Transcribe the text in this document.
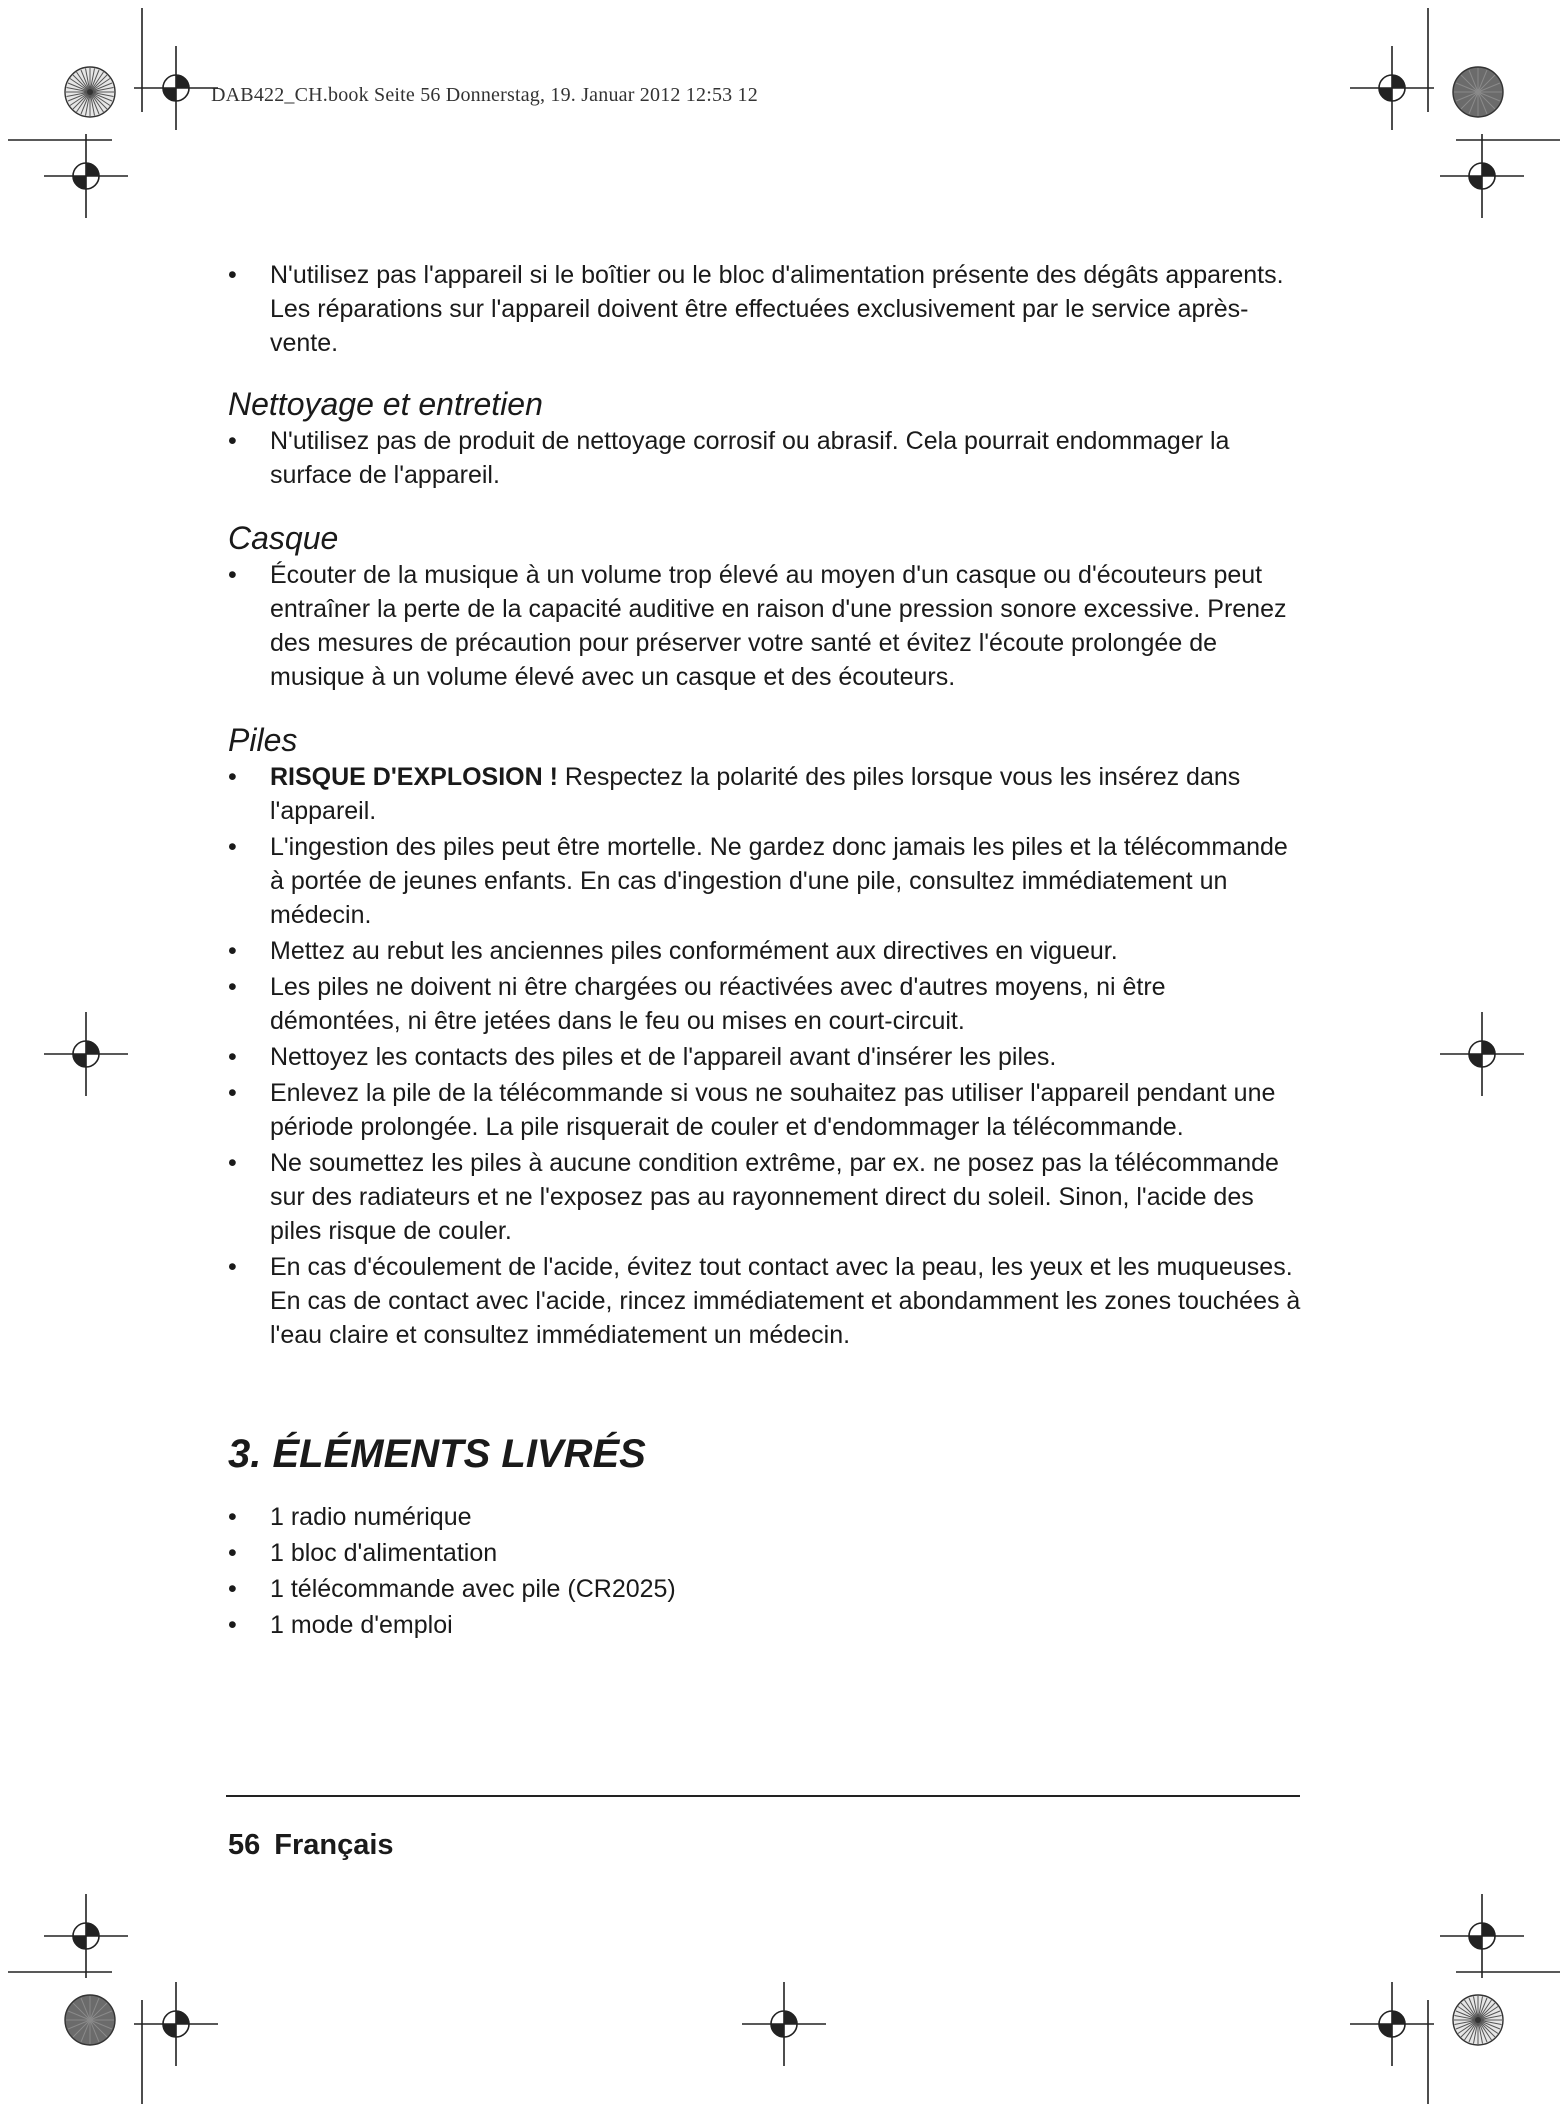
DAB422_CH.book Seite 56 Donnerstag, 19. Januar 2012 12:53 12
• N'utilisez pas l'appareil si le boîtier ou le bloc d'alimentation présente des dégâts apparents. Les réparations sur l'appareil doivent être effectuées exclusivement par le service après-vente.
Nettoyage et entretien
• N'utilisez pas de produit de nettoyage corrosif ou abrasif. Cela pourrait endommager la surface de l'appareil.
Casque
• Écouter de la musique à un volume trop élevé au moyen d'un casque ou d'écouteurs peut entraîner la perte de la capacité auditive en raison d'une pression sonore excessive. Prenez des mesures de précaution pour préserver votre santé et évitez l'écoute prolongée de musique à un volume élevé avec un casque et des écouteurs.
Piles
• RISQUE D'EXPLOSION ! Respectez la polarité des piles lorsque vous les insérez dans l'appareil.
• L'ingestion des piles peut être mortelle. Ne gardez donc jamais les piles et la télécommande à portée de jeunes enfants. En cas d'ingestion d'une pile, consultez immédiatement un médecin.
• Mettez au rebut les anciennes piles conformément aux directives en vigueur.
• Les piles ne doivent ni être chargées ou réactivées avec d'autres moyens, ni être démontées, ni être jetées dans le feu ou mises en court-circuit.
• Nettoyez les contacts des piles et de l'appareil avant d'insérer les piles.
• Enlevez la pile de la télécommande si vous ne souhaitez pas utiliser l'appareil pendant une période prolongée. La pile risquerait de couler et d'endommager la télécommande.
• Ne soumettez les piles à aucune condition extrême, par ex. ne posez pas la télécommande sur des radiateurs et ne l'exposez pas au rayonnement direct du soleil. Sinon, l'acide des piles risque de couler.
• En cas d'écoulement de l'acide, évitez tout contact avec la peau, les yeux et les muqueuses. En cas de contact avec l'acide, rincez immédiatement et abondamment les zones touchées à l'eau claire et consultez immédiatement un médecin.
3. ÉLÉMENTS LIVRÉS
• 1 radio numérique
• 1 bloc d'alimentation
• 1 télécommande avec pile (CR2025)
• 1 mode d'emploi
56 Français
